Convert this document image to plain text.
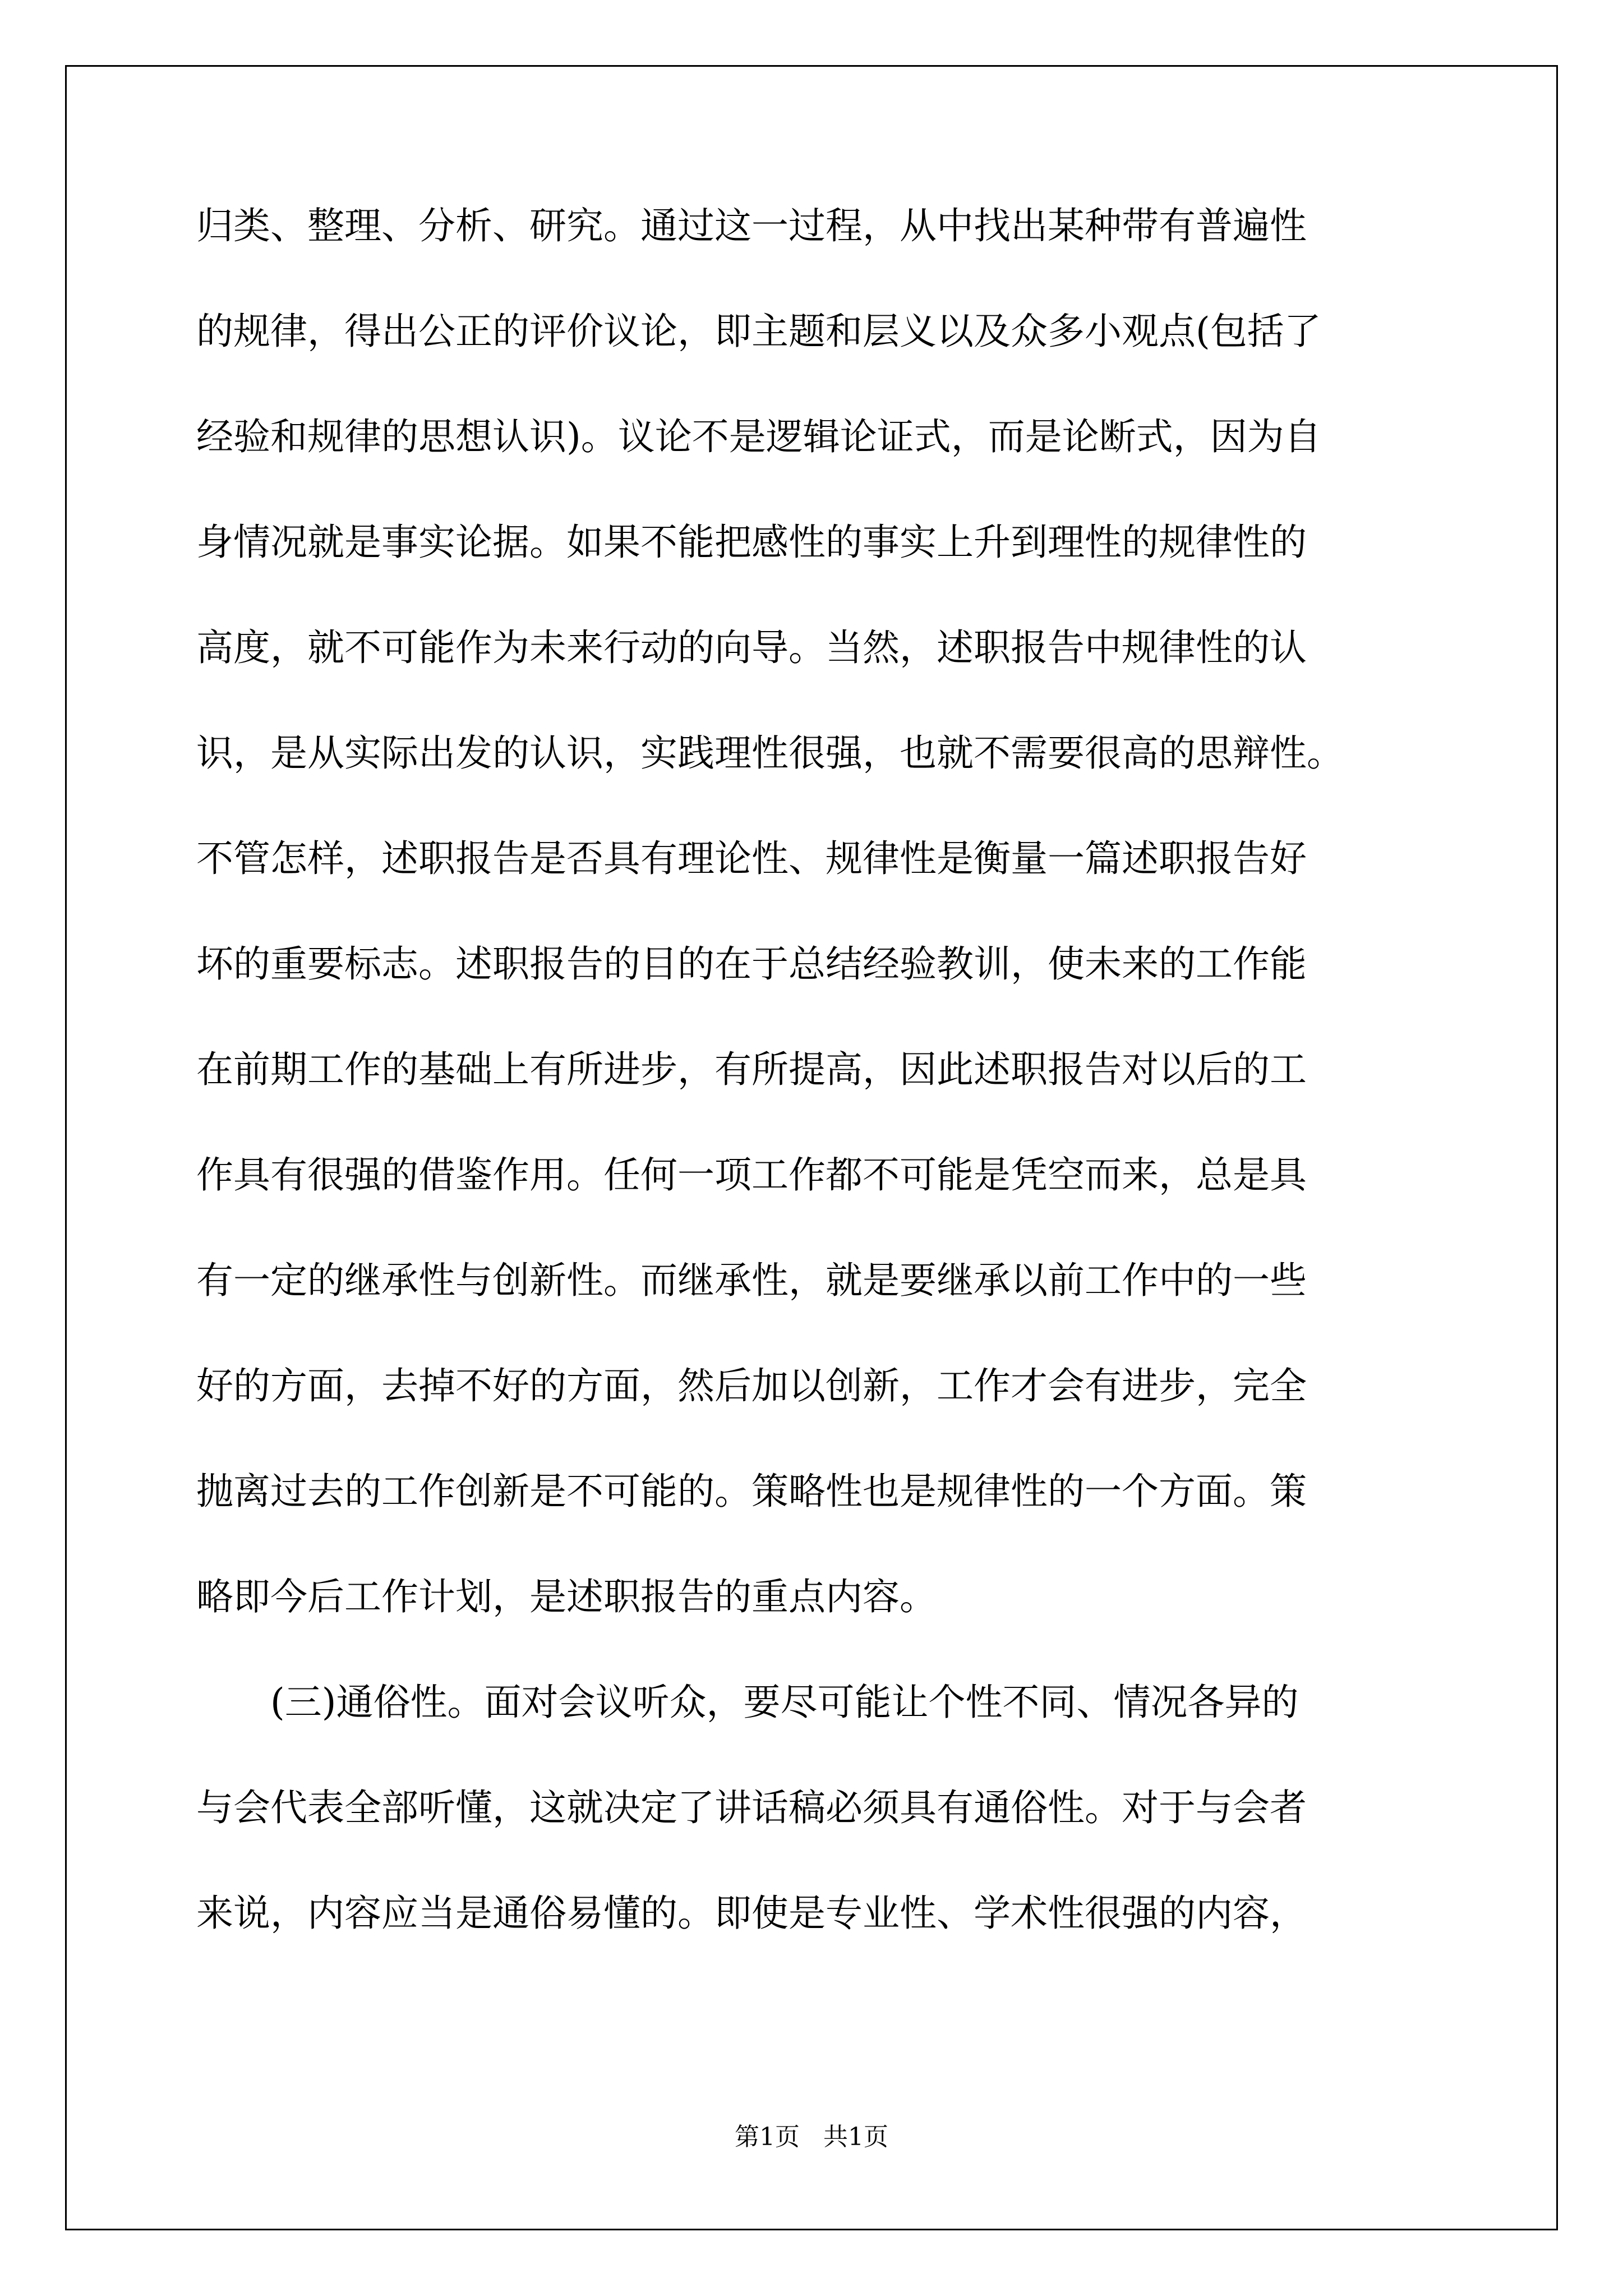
归类、整理、分析、研究。通过这一过程，从中找出某种带有普遍性
的规律，得出公正的评价议论，即主题和层义以及众多小观点(包括了
经验和规律的思想认识)。议论不是逻辑论证式，而是论断式，因为自
身情况就是事实论据。如果不能把感性的事实上升到理性的规律性的
高度，就不可能作为未来行动的向导。当然，述职报告中规律性的认
识，是从实际出发的认识，实践理性很强，也就不需要很高的思辩性。
不管怎样，述职报告是否具有理论性、规律性是衡量一篇述职报告好
坏的重要标志。述职报告的目的在于总结经验教训，使未来的工作能
在前期工作的基础上有所进步，有所提高，因此述职报告对以后的工
作具有很强的借鉴作用。任何一项工作都不可能是凭空而来，总是具
有一定的继承性与创新性。而继承性，就是要继承以前工作中的一些
好的方面，去掉不好的方面，然后加以创新，工作才会有进步，完全
抛离过去的工作创新是不可能的。策略性也是规律性的一个方面。策
略即今后工作计划，是述职报告的重点内容。
(三)通俗性。面对会议听众，要尽可能让个性不同、情况各异的
与会代表全部听懂，这就决定了讲话稿必须具有通俗性。对于与会者
来说，内容应当是通俗易懂的。即使是专业性、学术性很强的内容，
第1页   共1页
